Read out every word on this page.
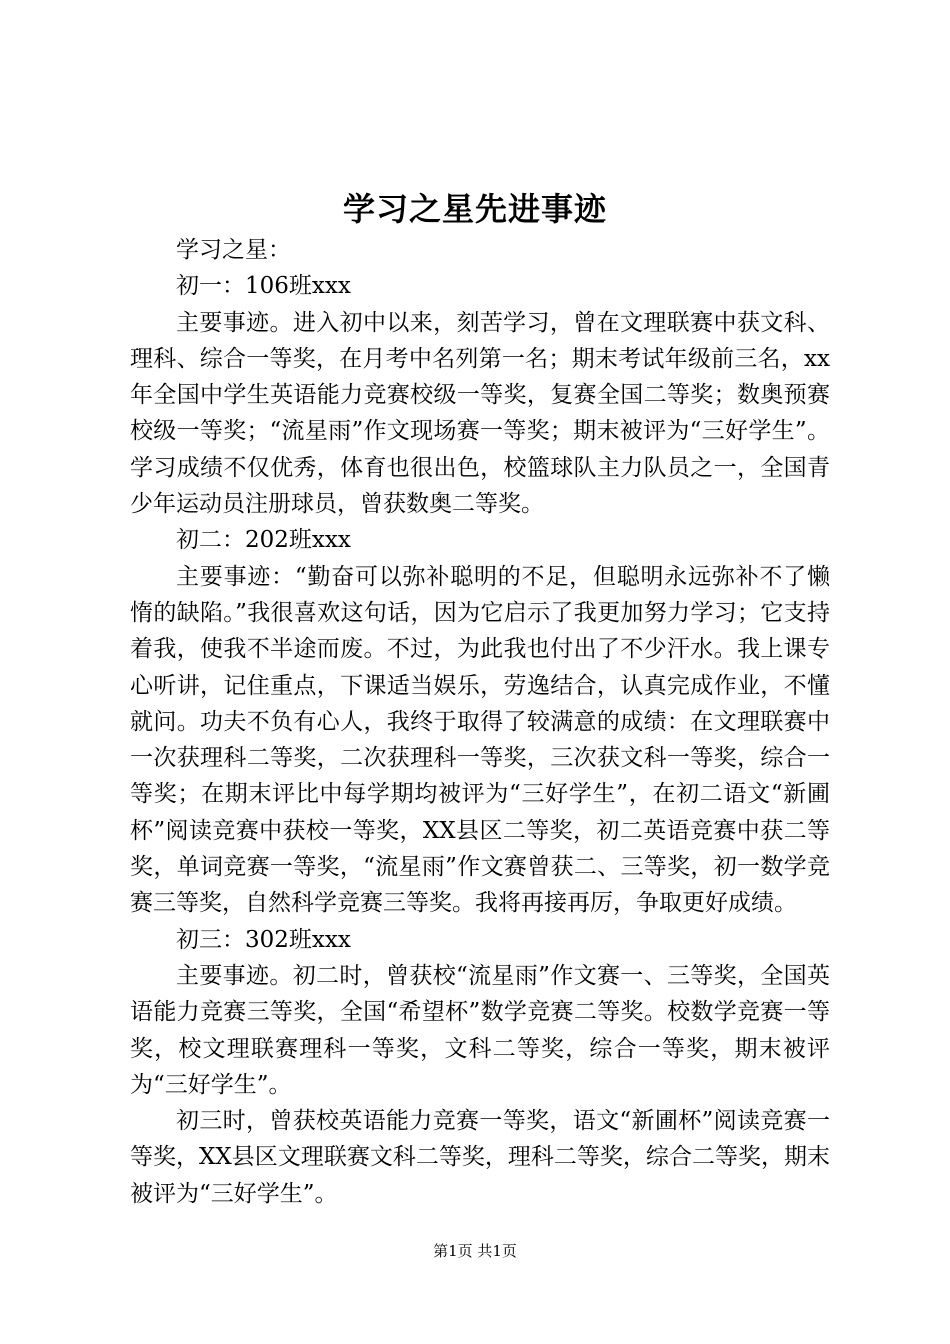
学习之星先进事迹

学习之星：

初一：106班xxx

主要事迹。进入初中以来，刻苦学习，曾在文理联赛中获文科、理科、综合一等奖，在月考中名列第一名；期末考试年级前三名，xx年全国中学生英语能力竞赛校级一等奖，复赛全国二等奖；数奥预赛校级一等奖；“流星雨”作文现场赛一等奖；期末被评为“三好学生”。学习成绩不仅优秀，体育也很出色，校篮球队主力队员之一，全国青少年运动员注册球员，曾获数奥二等奖。

初二：202班xxx

主要事迹：“勤奋可以弥补聪明的不足，但聪明永远弥补不了懒惰的缺陷。”我很喜欢这句话，因为它启示了我更加努力学习；它支持着我，使我不半途而废。不过，为此我也付出了不少汗水。我上课专心听讲，记住重点，下课适当娱乐，劳逸结合，认真完成作业，不懂就问。功夫不负有心人，我终于取得了较满意的成绩：在文理联赛中一次获理科二等奖，二次获理科一等奖，三次获文科一等奖，综合一等奖；在期末评比中每学期均被评为“三好学生”，在初二语文“新圃杯”阅读竞赛中获校一等奖，XX县区二等奖，初二英语竞赛中获二等奖，单词竞赛一等奖，“流星雨”作文赛曾获二、三等奖，初一数学竞赛三等奖，自然科学竞赛三等奖。我将再接再厉，争取更好成绩。

初三：302班xxx

主要事迹。初二时，曾获校“流星雨”作文赛一、三等奖，全国英语能力竞赛三等奖，全国“希望杯”数学竞赛二等奖。校数学竞赛一等奖，校文理联赛理科一等奖，文科二等奖，综合一等奖，期末被评为“三好学生”。

初三时，曾获校英语能力竞赛一等奖，语文“新圃杯”阅读竞赛一等奖，XX县区文理联赛文科二等奖，理科二等奖，综合二等奖，期末被评为“三好学生”。

第1页 共1页
